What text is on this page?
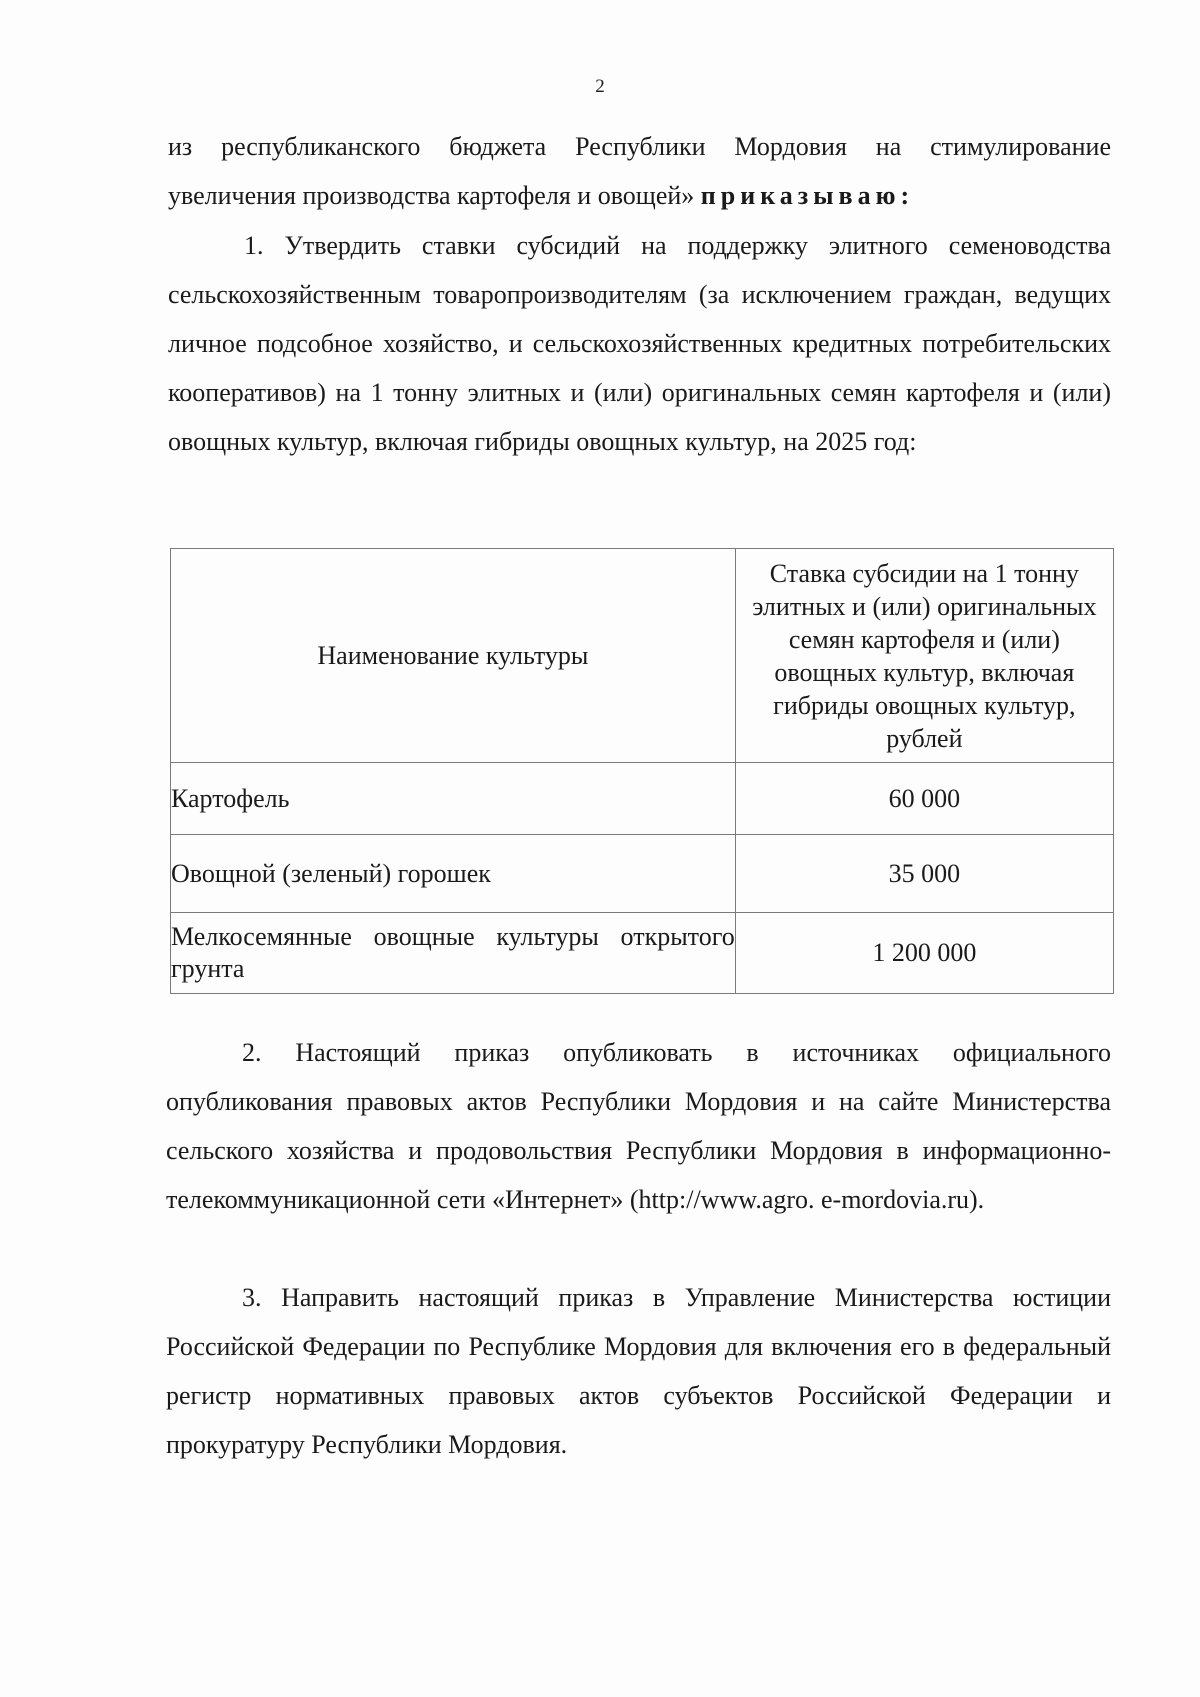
2

из республиканского бюджета Республики Мордовия на стимулирование увеличения производства картофеля и овощей» приказываю:

1. Утвердить ставки субсидий на поддержку элитного семеноводства сельскохозяйственным товаропроизводителям (за исключением граждан, ведущих личное подсобное хозяйство, и сельскохозяйственных кредитных потребительских кооперативов) на 1 тонну элитных и (или) оригинальных семян картофеля и (или) овощных культур, включая гибриды овощных культур, на 2025 год:

Наименование культуры	Ставка субсидии на 1 тонну элитных и (или) оригинальных семян картофеля и (или) овощных культур, включая гибриды овощных культур, рублей
Картофель	60 000
Овощной (зеленый) горошек	35 000
Мелкосемянные овощные культуры открытого грунта	1 200 000

2. Настоящий приказ опубликовать в источниках официального опубликования правовых актов Республики Мордовия и на сайте Министерства сельского хозяйства и продовольствия Республики Мордовия в информационно-телекоммуникационной сети «Интернет» (http://www.agro. e-mordovia.ru).

3. Направить настоящий приказ в Управление Министерства юстиции Российской Федерации по Республике Мордовия для включения его в федеральный регистр нормативных правовых актов субъектов Российской Федерации и прокуратуру Республики Мордовия.
